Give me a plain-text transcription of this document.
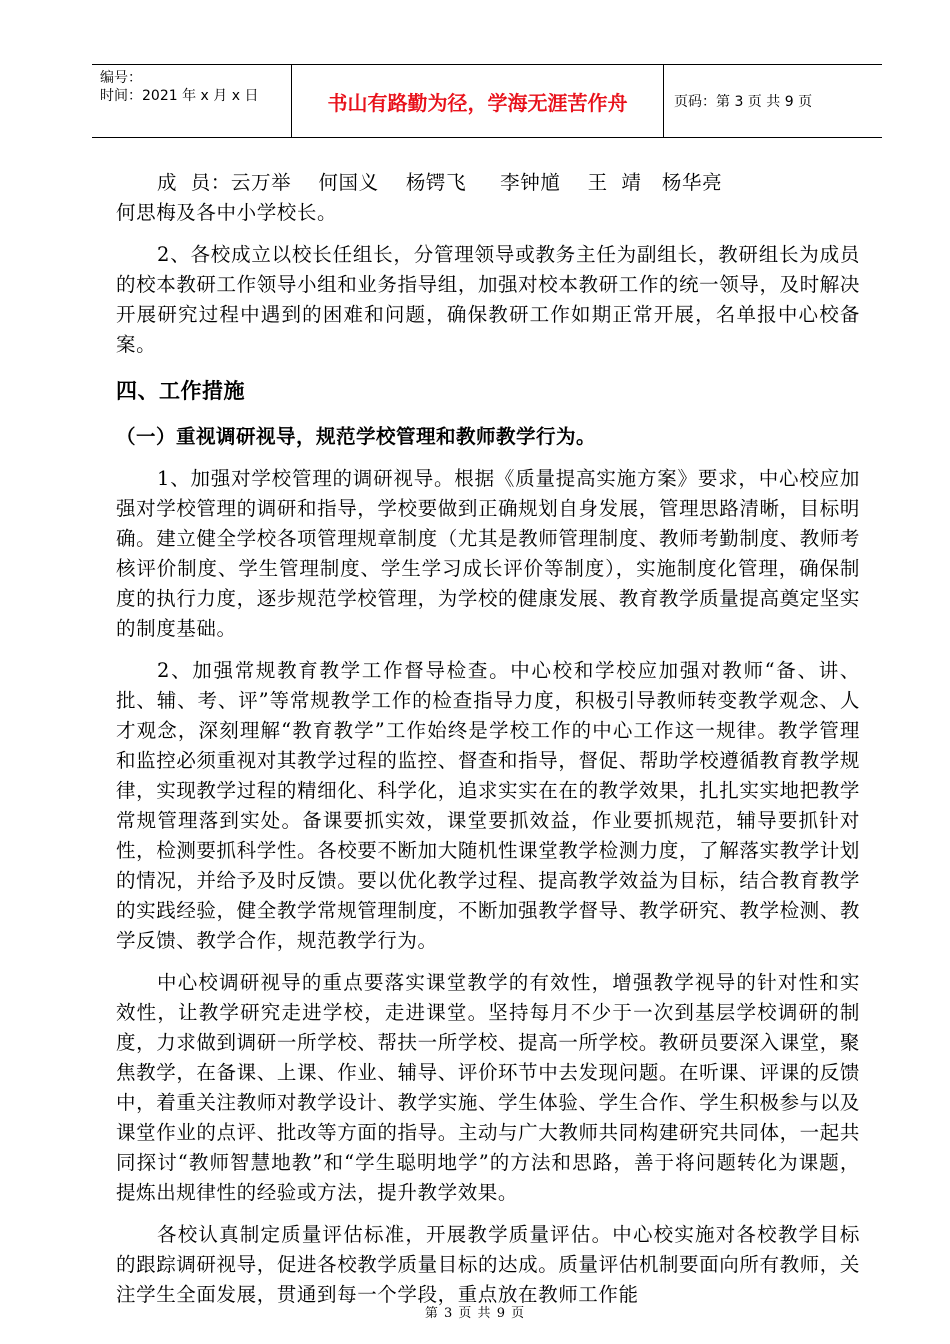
编号：
时间：2021 年 x 月 x 日	书山有路勤为径，学海无涯苦作舟	页码：第 3 页 共 9 页

成  员：云万举    何国义    杨锷飞     李钟馗    王  靖   杨华亮

何思梅及各中小学校长。

2、各校成立以校长任组长，分管理领导或教务主任为副组长，教研组长为成员的校本教研工作领导小组和业务指导组，加强对校本教研工作的统一领导，及时解决开展研究过程中遇到的困难和问题，确保教研工作如期正常开展，名单报中心校备案。

四、工作措施
（一）重视调研视导，规范学校管理和教师教学行为。

1、加强对学校管理的调研视导。根据《质量提高实施方案》要求，中心校应加强对学校管理的调研和指导，学校要做到正确规划自身发展，管理思路清晰，目标明确。建立健全学校各项管理规章制度（尤其是教师管理制度、教师考勤制度、教师考核评价制度、学生管理制度、学生学习成长评价等制度），实施制度化管理，确保制度的执行力度，逐步规范学校管理，为学校的健康发展、教育教学质量提高奠定坚实的制度基础。

2、加强常规教育教学工作督导检查。中心校和学校应加强对教师“备、讲、批、辅、考、评”等常规教学工作的检查指导力度，积极引导教师转变教学观念、人才观念，深刻理解“教育教学”工作始终是学校工作的中心工作这一规律。教学管理和监控必须重视对其教学过程的监控、督查和指导，督促、帮助学校遵循教育教学规律，实现教学过程的精细化、科学化，追求实实在在的教学效果，扎扎实实地把教学常规管理落到实处。备课要抓实效，课堂要抓效益，作业要抓规范，辅导要抓针对性，检测要抓科学性。各校要不断加大随机性课堂教学检测力度，了解落实教学计划的情况，并给予及时反馈。要以优化教学过程、提高教学效益为目标，结合教育教学的实践经验，健全教学常规管理制度，不断加强教学督导、教学研究、教学检测、教学反馈、教学合作，规范教学行为。

中心校调研视导的重点要落实课堂教学的有效性，增强教学视导的针对性和实效性，让教学研究走进学校，走进课堂。坚持每月不少于一次到基层学校调研的制度，力求做到调研一所学校、帮扶一所学校、提高一所学校。教研员要深入课堂，聚焦教学，在备课、上课、作业、辅导、评价环节中去发现问题。在听课、评课的反馈中，着重关注教师对教学设计、教学实施、学生体验、学生合作、学生积极参与以及课堂作业的点评、批改等方面的指导。主动与广大教师共同构建研究共同体，一起共同探讨“教师智慧地教”和“学生聪明地学”的方法和思路，善于将问题转化为课题，提炼出规律性的经验或方法，提升教学效果。

各校认真制定质量评估标准，开展教学质量评估。中心校实施对各校教学目标的跟踪调研视导，促进各校教学质量目标的达成。质量评估机制要面向所有教师，关注学生全面发展，贯通到每一个学段，重点放在教师工作能

第 3 页 共 9 页
